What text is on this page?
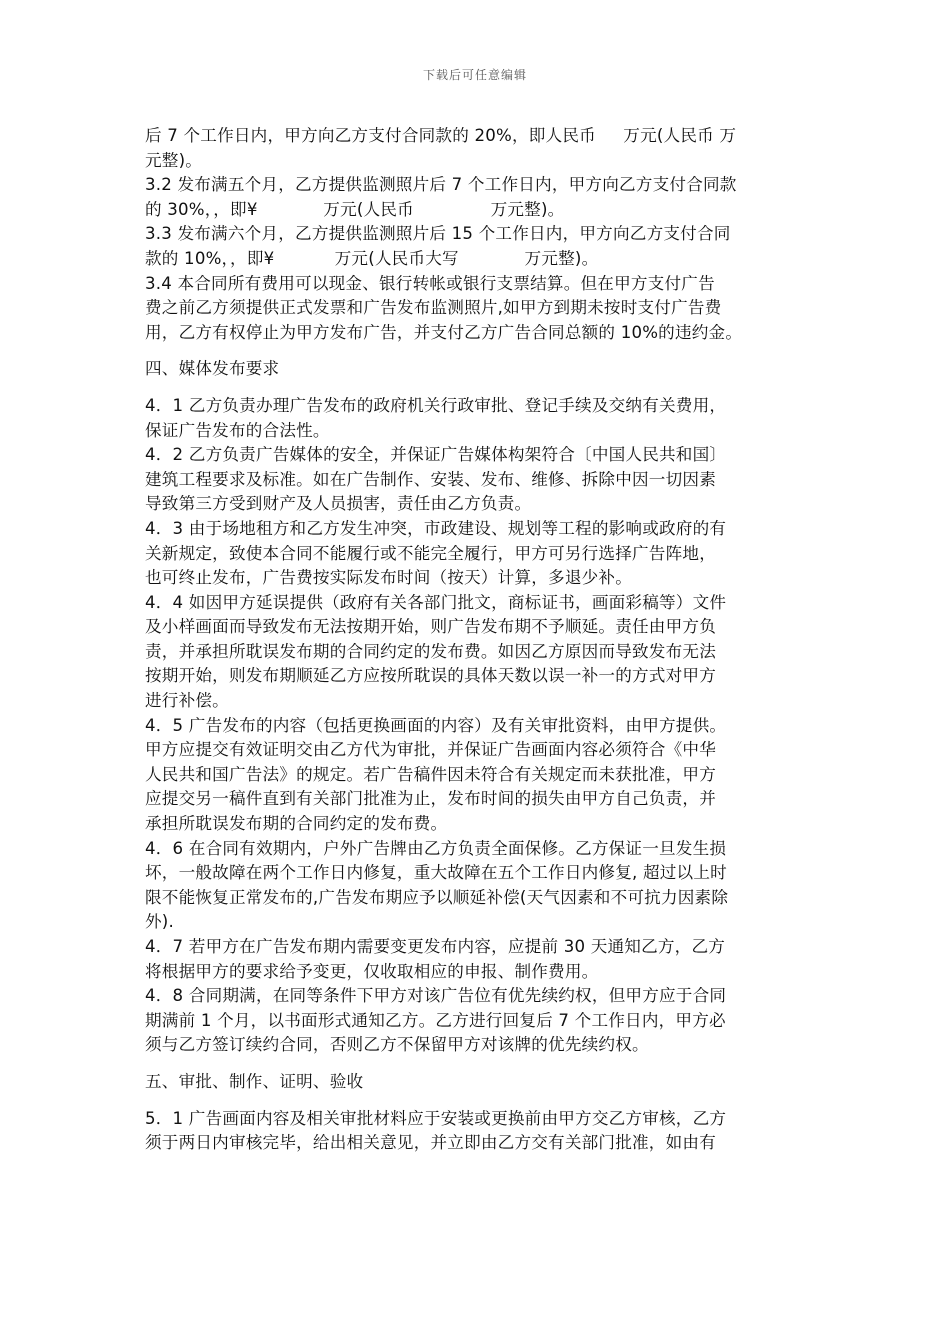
下载后可任意编辑
后 7 个工作日内，甲方向乙方支付合同款的 20%，即人民币     万元(人民币 万
元整)。
3.2 发布满五个月，乙方提供监测照片后 7 个工作日内，甲方向乙方支付合同款
的 30%，，即¥            万元(人民币              万元整)。
3.3 发布满六个月，乙方提供监测照片后 15 个工作日内，甲方向乙方支付合同
款的 10%，，即¥           万元(人民币大写            万元整)。
3.4 本合同所有费用可以现金、银行转帐或银行支票结算。但在甲方支付广告
费之前乙方须提供正式发票和广告发布监测照片,如甲方到期未按时支付广告费
用，乙方有权停止为甲方发布广告，并支付乙方广告合同总额的 10%的违约金。
四、媒体发布要求
4．1 乙方负责办理广告发布的政府机关行政审批、登记手续及交纳有关费用，
保证广告发布的合法性。
4．2 乙方负责广告媒体的安全，并保证广告媒体构架符合〔中国人民共和国〕
建筑工程要求及标准。如在广告制作、安装、发布、维修、拆除中因一切因素
导致第三方受到财产及人员损害，责任由乙方负责。
4．3 由于场地租方和乙方发生冲突，市政建设、规划等工程的影响或政府的有
关新规定，致使本合同不能履行或不能完全履行，甲方可另行选择广告阵地，
也可终止发布，广告费按实际发布时间（按天）计算，多退少补。
4．4 如因甲方延误提供（政府有关各部门批文，商标证书，画面彩稿等）文件
及小样画面而导致发布无法按期开始，则广告发布期不予顺延。责任由甲方负
责，并承担所耽误发布期的合同约定的发布费。如因乙方原因而导致发布无法
按期开始，则发布期顺延乙方应按所耽误的具体天数以误一补一的方式对甲方
进行补偿。
4．5 广告发布的内容（包括更换画面的内容）及有关审批资料，由甲方提供。
甲方应提交有效证明交由乙方代为审批，并保证广告画面内容必须符合《中华
人民共和国广告法》的规定。若广告稿件因未符合有关规定而未获批准，甲方
应提交另一稿件直到有关部门批准为止，发布时间的损失由甲方自己负责，并
承担所耽误发布期的合同约定的发布费。
4．6 在合同有效期内，户外广告牌由乙方负责全面保修。乙方保证一旦发生损
坏，一般故障在两个工作日内修复，重大故障在五个工作日内修复, 超过以上时
限不能恢复正常发布的,广告发布期应予以顺延补偿(天气因素和不可抗力因素除
外).
4．7 若甲方在广告发布期内需要变更发布内容，应提前 30 天通知乙方，乙方
将根据甲方的要求给予变更，仅收取相应的申报、制作费用。
4．8 合同期满，在同等条件下甲方对该广告位有优先续约权，但甲方应于合同
期满前 1 个月，以书面形式通知乙方。乙方进行回复后 7 个工作日内，甲方必
须与乙方签订续约合同，否则乙方不保留甲方对该牌的优先续约权。
五、审批、制作、证明、验收
5．1 广告画面内容及相关审批材料应于安装或更换前由甲方交乙方审核，乙方
须于两日内审核完毕，给出相关意见，并立即由乙方交有关部门批准，如由有
